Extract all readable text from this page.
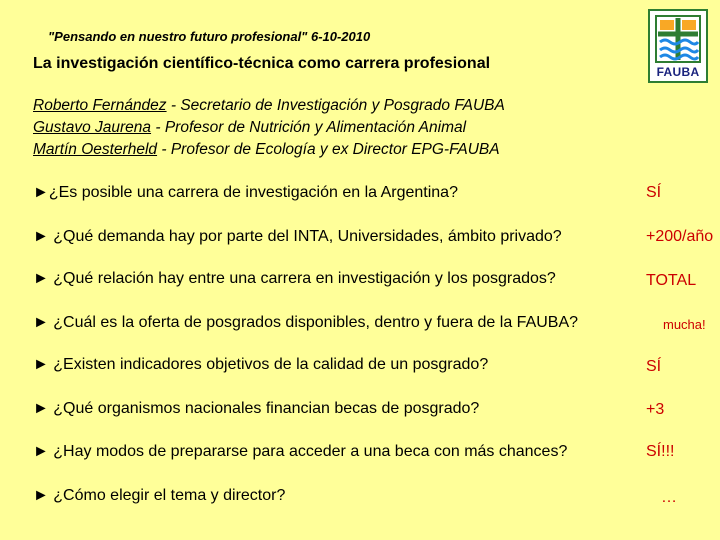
"Pensando en nuestro futuro profesional" 6-10-2010
La investigación científico-técnica como carrera profesional	FAUBA
Roberto Fernández - Secretario de Investigación y Posgrado FAUBA
Gustavo Jaurena - Profesor de Nutrición y Alimentación Animal
Martín Oesterheld - Profesor de Ecología y ex Director EPG-FAUBA
►¿Es posible una carrera de investigación en la Argentina?	SÍ
► ¿Qué demanda hay por parte del INTA, Universidades, ámbito privado?	+200/año
► ¿Qué relación hay entre una carrera en investigación y los posgrados?	TOTAL
► ¿Cuál es la oferta de posgrados disponibles, dentro y fuera de la FAUBA?	mucha!
► ¿Existen indicadores objetivos de la calidad de un posgrado?	SÍ
► ¿Qué organismos nacionales financian becas de posgrado?	+3
► ¿Hay modos de prepararse para acceder a una beca con más chances?	SÍ!!!
► ¿Cómo elegir el tema y director?	…
